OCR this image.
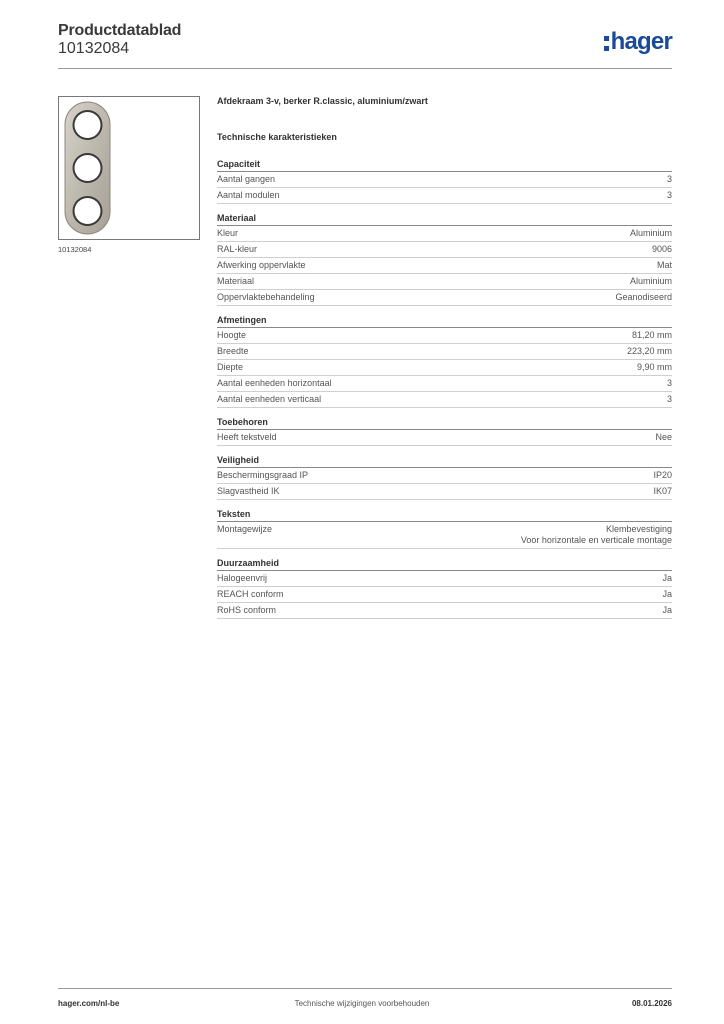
Productdatablad
10132084	hager
10132084
Afdekraam 3-v, berker R.classic, aluminium/zwart
Technische karakteristieken
Capaciteit
Aantal gangen	3
Aantal modulen	3
Materiaal
Kleur	Aluminium
RAL-kleur	9006
Afwerking oppervlakte	Mat
Materiaal	Aluminium
Oppervlaktebehandeling	Geanodiseerd
Afmetingen
Hoogte	81,20 mm
Breedte	223,20 mm
Diepte	9,90 mm
Aantal eenheden horizontaal	3
Aantal eenheden verticaal	3
Toebehoren
Heeft tekstveld	Nee
Veiligheid
Beschermingsgraad IP	IP20
Slagvastheid IK	IK07
Teksten
Montagewijze	Klembevestiging
Voor horizontale en verticale montage
Duurzaamheid
Halogeenvrij	Ja
REACH conform	Ja
RoHS conform	Ja
hager.com/nl-be	Technische wijzigingen voorbehouden	08.01.2026
